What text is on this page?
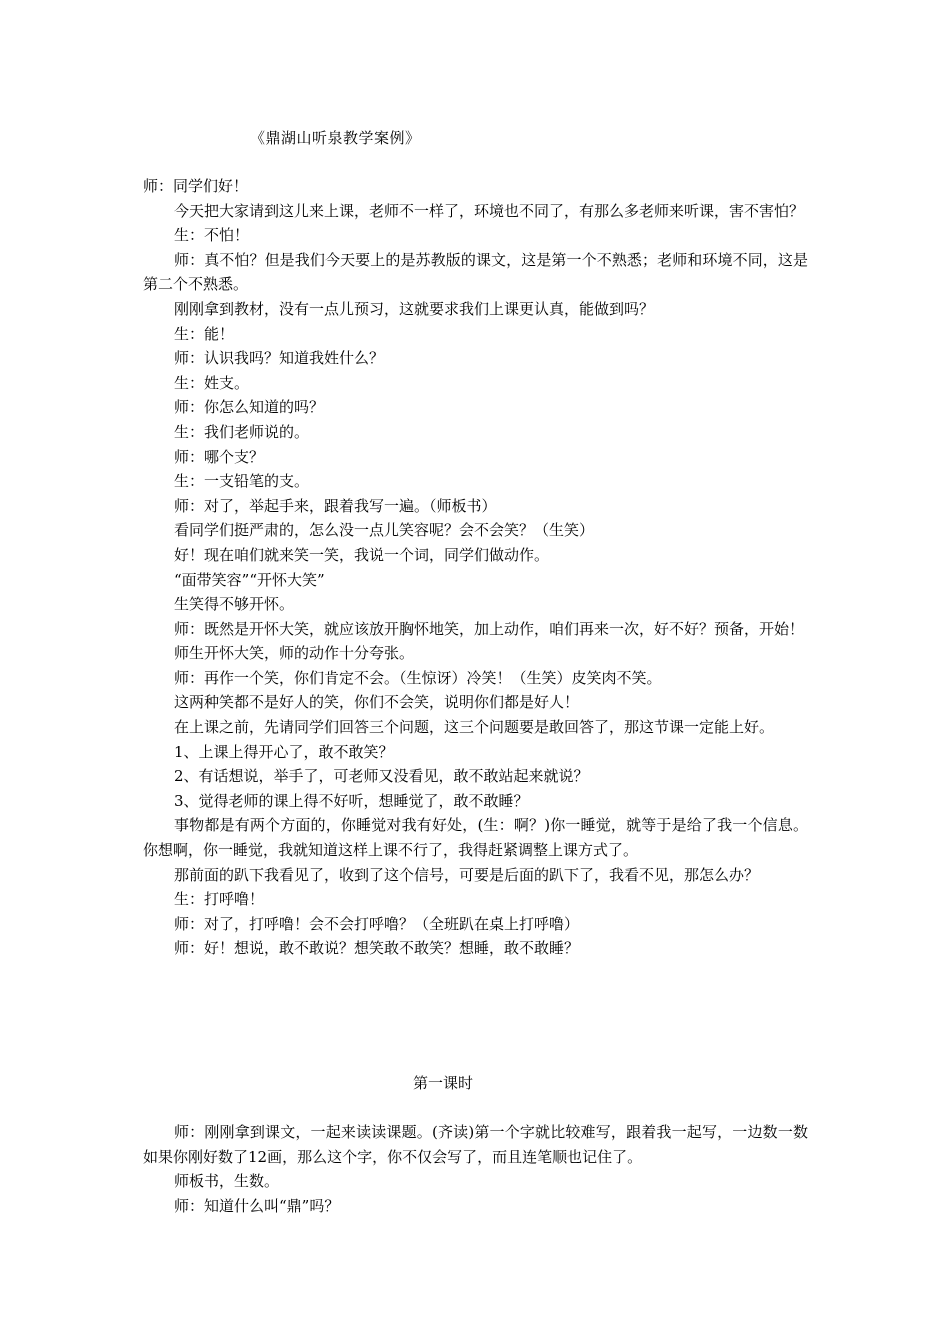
《鼎湖山听泉教学案例》

师：同学们好！

今天把大家请到这儿来上课，老师不一样了，环境也不同了，有那么多老师来听课，害不害怕？

生：不怕！

师：真不怕？但是我们今天要上的是苏教版的课文，这是第一个不熟悉；老师和环境不同，这是第二个不熟悉。

刚刚拿到教材，没有一点儿预习，这就要求我们上课更认真，能做到吗？

生：能！

师：认识我吗？知道我姓什么？

生：姓支。

师：你怎么知道的吗？

生：我们老师说的。

师：哪个支？

生：一支铅笔的支。

师：对了，举起手来，跟着我写一遍。（师板书）

看同学们挺严肃的，怎么没一点儿笑容呢？会不会笑？（生笑）

好！现在咱们就来笑一笑，我说一个词，同学们做动作。

“面带笑容”“开怀大笑”

生笑得不够开怀。

师：既然是开怀大笑，就应该放开胸怀地笑，加上动作，咱们再来一次，好不好？预备，开始！

师生开怀大笑，师的动作十分夸张。

师：再作一个笑，你们肯定不会。（生惊讶）冷笑！（生笑）皮笑肉不笑。

这两种笑都不是好人的笑，你们不会笑，说明你们都是好人！

在上课之前，先请同学们回答三个问题，这三个问题要是敢回答了，那这节课一定能上好。

1、上课上得开心了，敢不敢笑？

2、有话想说，举手了，可老师又没看见，敢不敢站起来就说？

3、觉得老师的课上得不好听，想睡觉了，敢不敢睡？

事物都是有两个方面的，你睡觉对我有好处，(生：啊？)你一睡觉，就等于是给了我一个信息。你想啊，你一睡觉，我就知道这样上课不行了，我得赶紧调整上课方式了。

那前面的趴下我看见了，收到了这个信号，可要是后面的趴下了，我看不见，那怎么办？

生：打呼噜！

师：对了，打呼噜！会不会打呼噜？（全班趴在桌上打呼噜）

师：好！想说，敢不敢说？想笑敢不敢笑？想睡，敢不敢睡？

第一课时

师：刚刚拿到课文，一起来读读课题。(齐读)第一个字就比较难写，跟着我一起写，一边数一数如果你刚好数了12画，那么这个字，你不仅会写了，而且连笔顺也记住了。

师板书，生数。

师：知道什么叫“鼎”吗？
